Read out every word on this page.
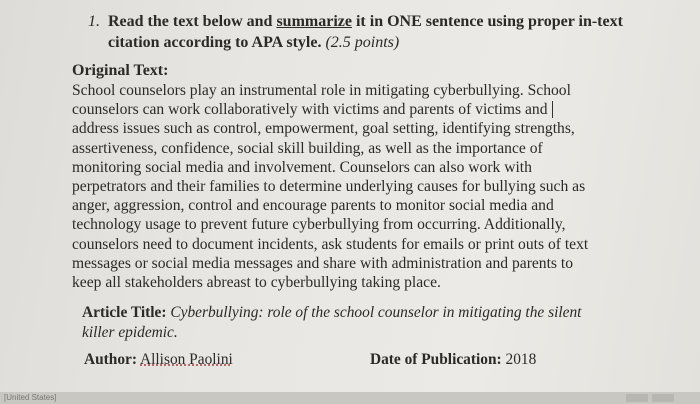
1. Read the text below and summarize it in ONE sentence using proper in-text citation according to APA style. (2.5 points)
Original Text:
School counselors play an instrumental role in mitigating cyberbullying. School
counselors can work collaboratively with victims and parents of victims and
address issues such as control, empowerment, goal setting, identifying strengths,
assertiveness, confidence, social skill building, as well as the importance of
monitoring social media and involvement. Counselors can also work with
perpetrators and their families to determine underlying causes for bullying such as
anger, aggression, control and encourage parents to monitor social media and
technology usage to prevent future cyberbullying from occurring. Additionally,
counselors need to document incidents, ask students for emails or print outs of text
messages or social media messages and share with administration and parents to
keep all stakeholders abreast to cyberbullying taking place.
Article Title: Cyberbullying: role of the school counselor in mitigating the silent killer epidemic.
Author: Allison Paolini	Date of Publication: 2018
[United States]
